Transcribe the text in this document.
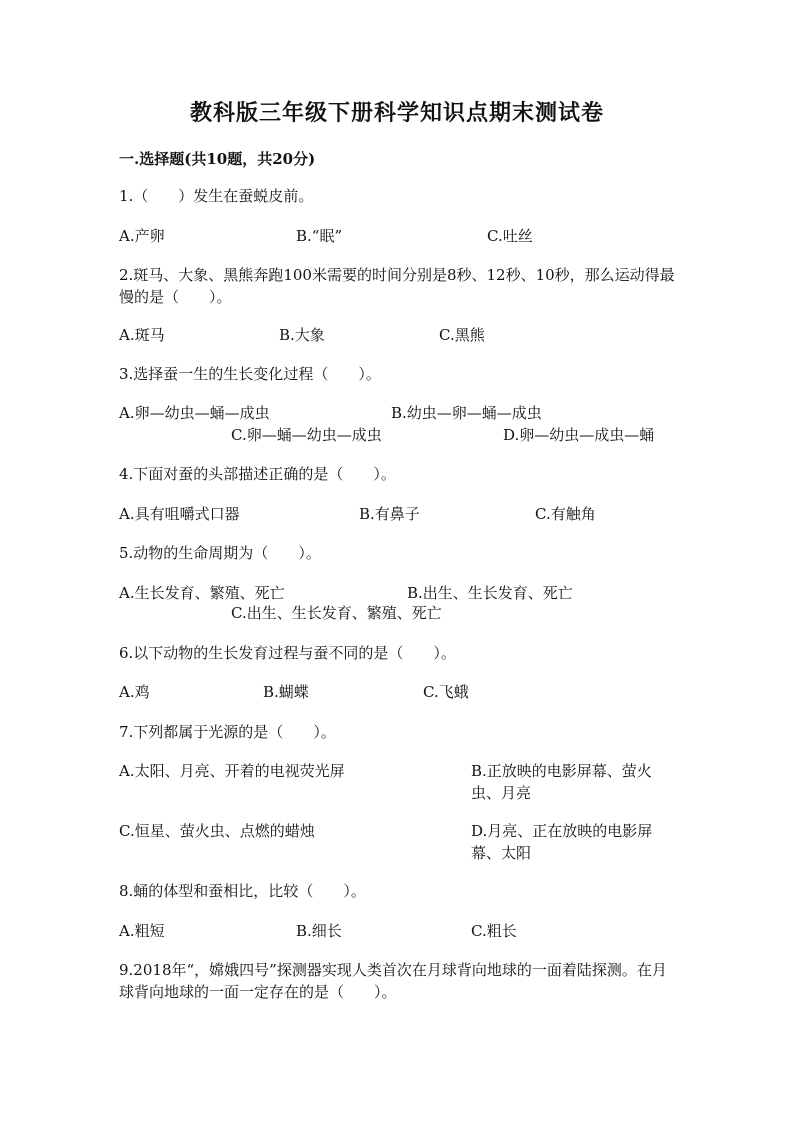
教科版三年级下册科学知识点期末测试卷
一.选择题(共10题，共20分)
1.（　　）发生在蚕蜕皮前。
A.产卵	B.“眠”	C.吐丝
2.斑马、大象、黑熊奔跑100米需要的时间分别是8秒、12秒、10秒，那么运动得最慢的是（　　）。
A.斑马	B.大象	C.黑熊
3.选择蚕一生的生长变化过程（　　）。
A.卵—幼虫—蛹—成虫	B.幼虫—卵—蛹—成虫
C.卵—蛹—幼虫—成虫	D.卵—幼虫—成虫—蛹
4.下面对蚕的头部描述正确的是（　　）。
A.具有咀嚼式口器	B.有鼻子	C.有触角
5.动物的生命周期为（　　）。
A.生长发育、繁殖、死亡	B.出生、生长发育、死亡
C.出生、生长发育、繁殖、死亡
6.以下动物的生长发育过程与蚕不同的是（　　）。
A.鸡	B.蝴蝶	C.飞蛾
7.下列都属于光源的是（　　）。
A.太阳、月亮、开着的电视荧光屏	B.正放映的电影屏幕、萤火虫、月亮
C.恒星、萤火虫、点燃的蜡烛	D.月亮、正在放映的电影屏幕、太阳
8.蛹的体型和蚕相比，比较（　　）。
A.粗短	B.细长	C.粗长
9.2018年“，嫦娥四号”探测器实现人类首次在月球背向地球的一面着陆探测。在月球背向地球的一面一定存在的是（　　）。
